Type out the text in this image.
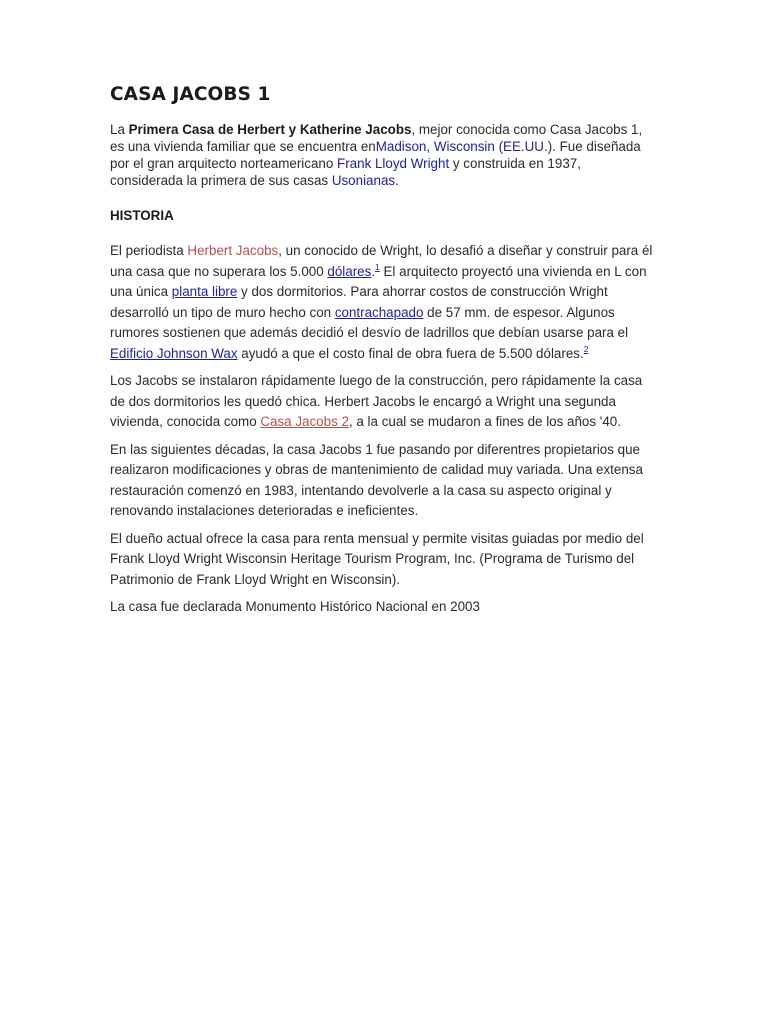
CASA JACOBS 1

La Primera Casa de Herbert y Katherine Jacobs, mejor conocida como Casa Jacobs 1, es una vivienda familiar que se encuentra enMadison, Wisconsin (EE.UU.). Fue diseñada por el gran arquitecto norteamericano Frank Lloyd Wright y construida en 1937, considerada la primera de sus casas Usonianas.

HISTORIA

El periodista Herbert Jacobs, un conocido de Wright, lo desafió a diseñar y construir para él una casa que no superara los 5.000 dólares.$^1$ El arquitecto proyectó una vivienda en L con una única planta libre y dos dormitorios. Para ahorrar costos de construcción Wright desarrolló un tipo de muro hecho con contrachapado de 57 mm. de espesor. Algunos rumores sostienen que además decidió el desvío de ladrillos que debían usarse para el Edificio Johnson Wax ayudó a que el costo final de obra fuera de 5.500 dólares.$^2$

Los Jacobs se instalaron rápidamente luego de la construcción, pero rápidamente la casa de dos dormitorios les quedó chica. Herbert Jacobs le encargó a Wright una segunda vivienda, conocida como Casa Jacobs 2, a la cual se mudaron a fines de los años '40.

En las siguientes décadas, la casa Jacobs 1 fue pasando por diferentres propietarios que realizaron modificaciones y obras de mantenimiento de calidad muy variada. Una extensa restauración comenzó en 1983, intentando devolverle a la casa su aspecto original y renovando instalaciones deterioradas e ineficientes.

El dueño actual ofrece la casa para renta mensual y permite visitas guiadas por medio del Frank Lloyd Wright Wisconsin Heritage Tourism Program, Inc. (Programa de Turismo del Patrimonio de Frank Lloyd Wright en Wisconsin).

La casa fue declarada Monumento Histórico Nacional en 2003
